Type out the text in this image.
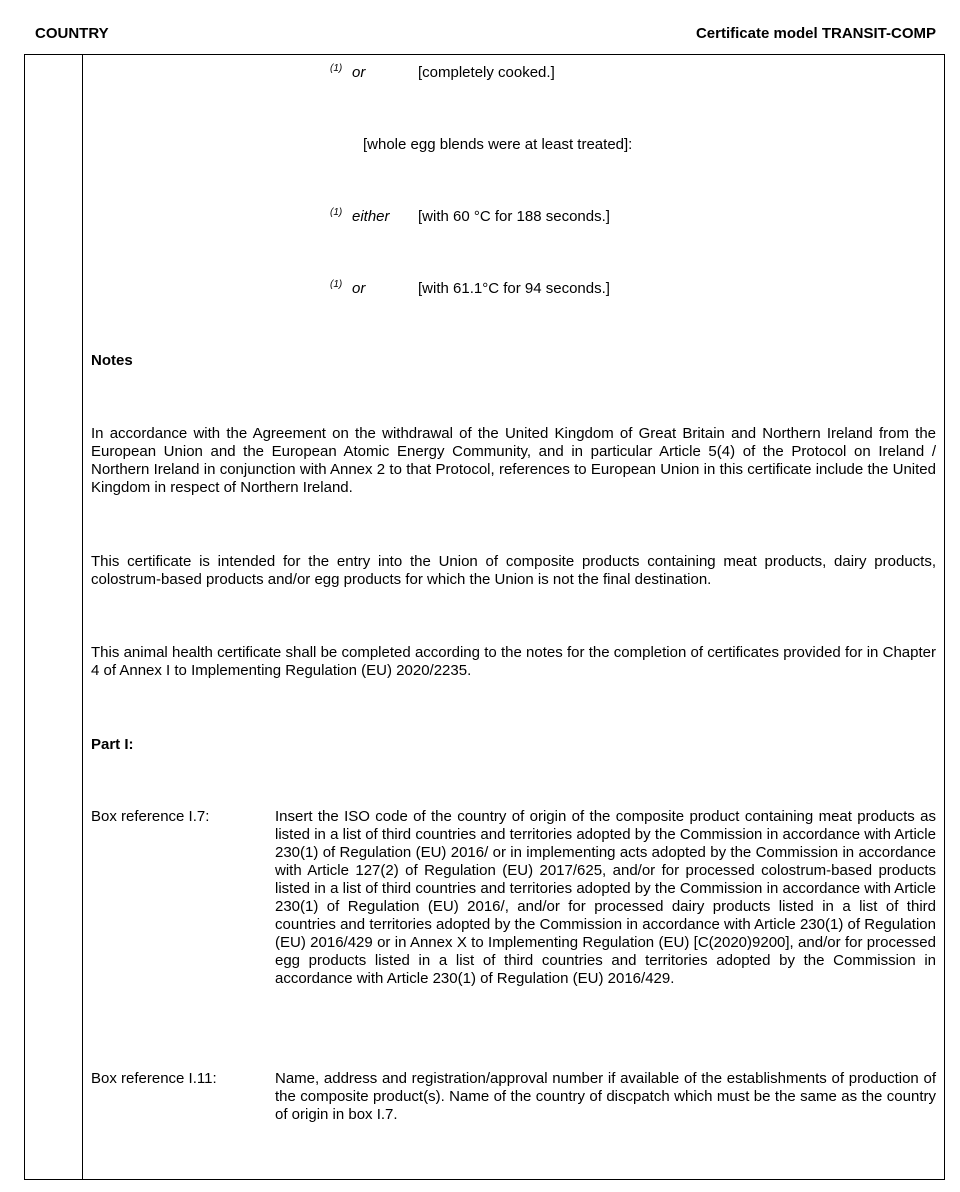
COUNTRY	Certificate model TRANSIT-COMP
(1) or	[completely cooked.]
[whole egg blends were at least treated]:
(1) either [with 60 °C for 188 seconds.]
(1) or	[with 61.1°C for 94 seconds.]
Notes
In accordance with the Agreement on the withdrawal of the United Kingdom of Great Britain and Northern Ireland from the European Union and the European Atomic Energy Community, and in particular Article 5(4) of the Protocol on Ireland / Northern Ireland in conjunction with Annex 2 to that Protocol, references to European Union in this certificate include the United Kingdom in respect of Northern Ireland.
This certificate is intended for the entry into the Union of composite products containing meat products, dairy products, colostrum-based products and/or egg products for which the Union is not the final destination.
This animal health certificate shall be completed according to the notes for the completion of certificates provided for in Chapter 4 of Annex I to Implementing Regulation (EU) 2020/2235.
Part I:
Box reference I.7:	Insert the ISO code of the country of origin of the composite product containing meat products as listed in a list of third countries and territories adopted by the Commission in accordance with Article 230(1) of Regulation (EU) 2016/ or in implementing acts adopted by the Commission in accordance with Article 127(2) of Regulation (EU) 2017/625, and/or for processed colostrum-based products listed in a list of third countries and territories adopted by the Commission in accordance with Article 230(1) of Regulation (EU) 2016/, and/or for processed dairy products listed in a list of third countries and territories adopted by the Commission in accordance with Article 230(1) of Regulation (EU) 2016/429 or in Annex X to Implementing Regulation (EU) [C(2020)9200], and/or for processed egg products listed in a list of third countries and territories adopted by the Commission in accordance with Article 230(1) of Regulation (EU) 2016/429.
Box reference I.11:	Name, address and registration/approval number if available of the establishments of production of the composite product(s). Name of the country of discpatch which must be the same as the country of origin in box I.7.
